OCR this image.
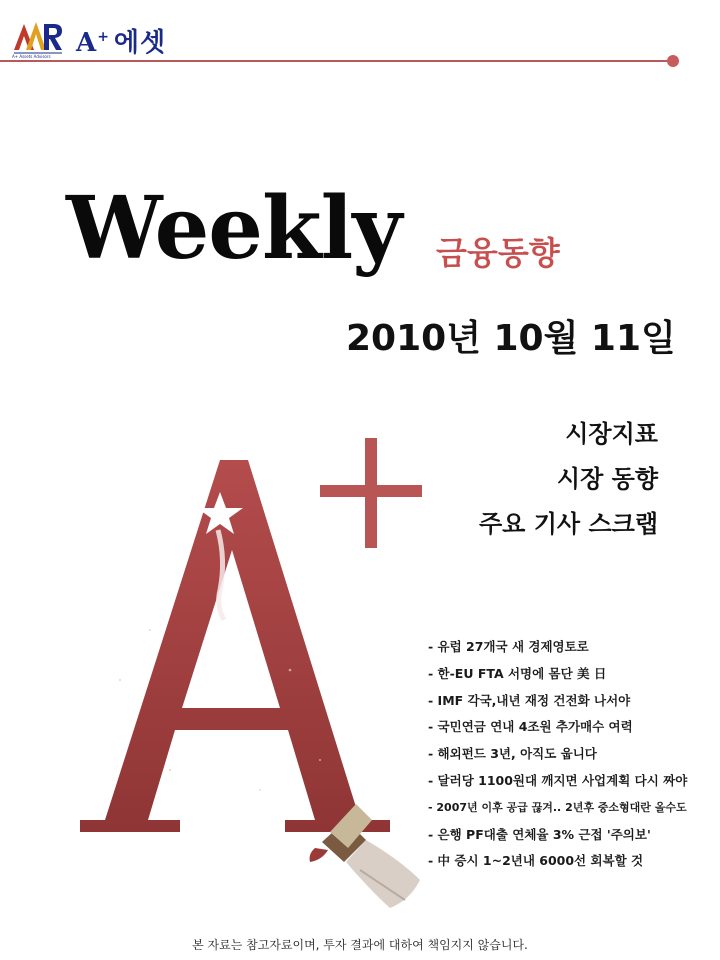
A+ Assets Advisors A+ 에셋
Weekly 금융동향
2010년 10월 11일
시장지표
시장 동향
주요 기사 스크랩
- 유럽 27개국 새 경제영토로
- 한-EU FTA 서명에 몸단 美 日
- IMF 각국,내년 재정 건전화 나서야
- 국민연금 연내 4조원 추가매수 여력
- 해외펀드 3년, 아직도 웁니다
- 달러당 1100원대 깨지면 사업계획 다시 짜야
- 2007년 이후 공급 끊겨.. 2년후 중소형대란 올수도
- 은행 PF대출 연체율 3% 근접 '주의보'
- 中 증시 1~2년내 6000선 회복할 것
본 자료는 참고자료이며, 투자 결과에 대하여 책임지지 않습니다.
